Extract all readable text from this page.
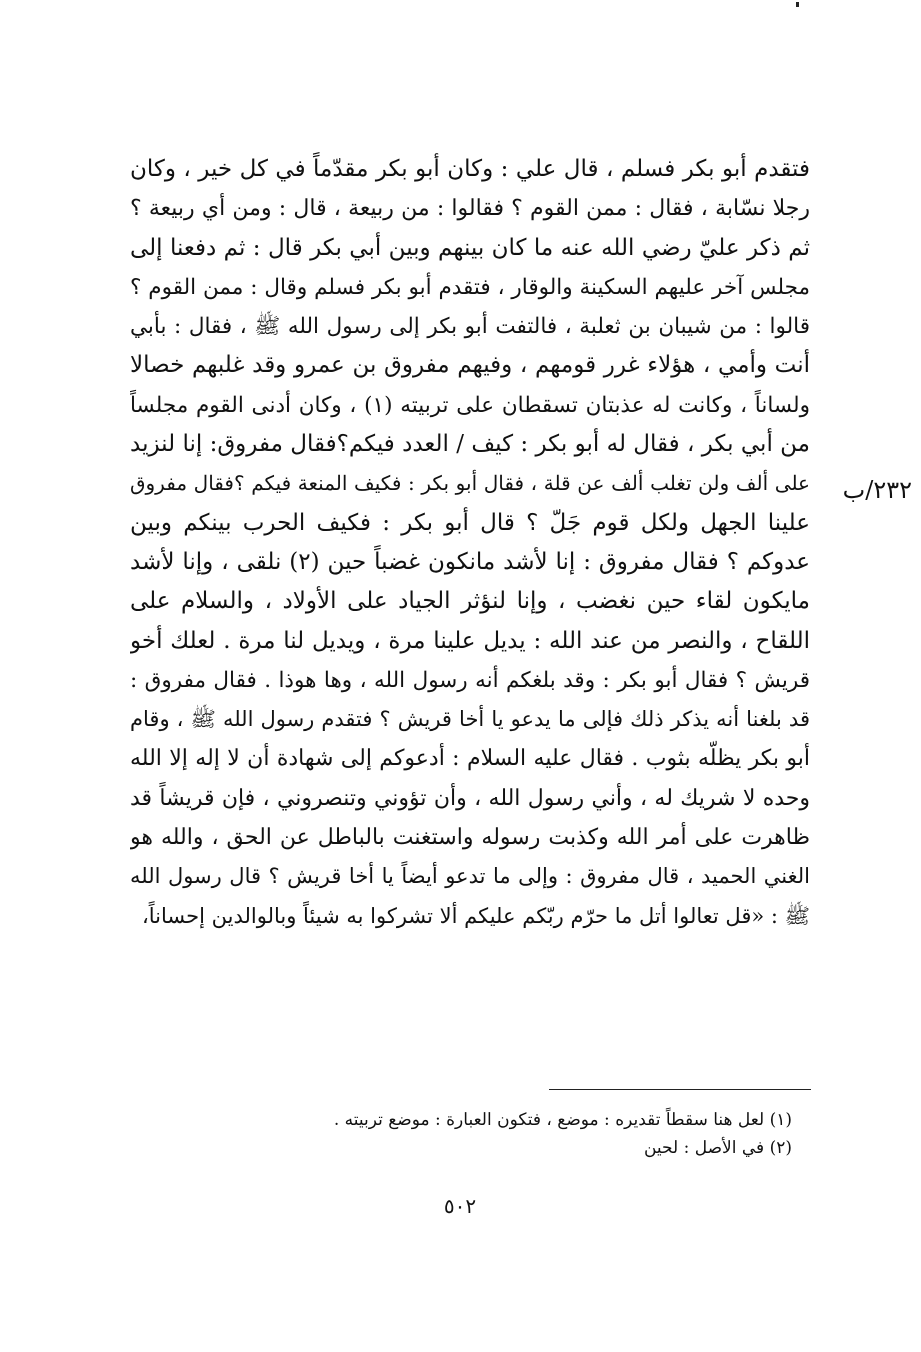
فتقدم أبو بكر فسلم ، قال علي : وكان أبو بكر مقدّماً في كل خير ، وكان
رجلا نسّابة ، فقال : ممن القوم ؟ فقالوا : من ربيعة ، قال : ومن أي ربيعة ؟
ثم ذكر عليّ رضي الله عنه ما كان بينهم وبين أبي بكر قال : ثم دفعنا إلى
مجلس آخر عليهم السكينة والوقار ، فتقدم أبو بكر فسلم وقال : ممن القوم ؟
قالوا : من شيبان بن ثعلبة ، فالتفت أبو بكر إلى رسول الله ﷺ ، فقال : بأبي
أنت وأمي ، هؤلاء غرر قومهم ، وفيهم مفروق بن عمرو وقد غلبهم خصالا
ولساناً ، وكانت له عذبتان تسقطان على تربيته (١) ، وكان أدنى القوم مجلساً
من أبي بكر ، فقال له أبو بكر : كيف / العدد فيكم؟فقال مفروق: إنا لنزيد
على ألف ولن تغلب ألف عن قلة ، فقال أبو بكر : فكيف المنعة فيكم ؟فقال مفروق
علينا الجهل ولكل قوم جَلّ ؟ قال أبو بكر : فكيف الحرب بينكم وبين
عدوكم ؟ فقال مفروق : إنا لأشد مانكون غضباً حين (٢) نلقى ، وإنا لأشد
مايكون لقاء حين نغضب ، وإنا لنؤثر الجياد على الأولاد ، والسلام على
اللقاح ، والنصر من عند الله : يديل علينا مرة ، ويديل لنا مرة . لعلك أخو
قريش ؟ فقال أبو بكر : وقد بلغكم أنه رسول الله ، وها هوذا . فقال مفروق :
قد بلغنا أنه يذكر ذلك فإلى ما يدعو يا أخا قريش ؟ فتقدم رسول الله ﷺ ، وقام
أبو بكر يظلّه بثوب . فقال عليه السلام : أدعوكم إلى شهادة أن لا إله إلا الله
وحده لا شريك له ، وأني رسول الله ، وأن تؤوني وتنصروني ، فإن قريشاً قد
ظاهرت على أمر الله وكذبت رسوله واستغنت بالباطل عن الحق ، والله هو
الغني الحميد ، قال مفروق : وإلى ما تدعو أيضاً يا أخا قريش ؟ قال رسول الله
ﷺ : «قل تعالوا أتل ما حرّم ربّكم عليكم ألا تشركوا به شيئاً وبالوالدين إحساناً،
٢٣٢/ب
(١) لعل هنا سقطاً تقديره : موضع ، فتكون العبارة : موضع تربيته .
(٢) في الأصل : لحين
٥٠٢
